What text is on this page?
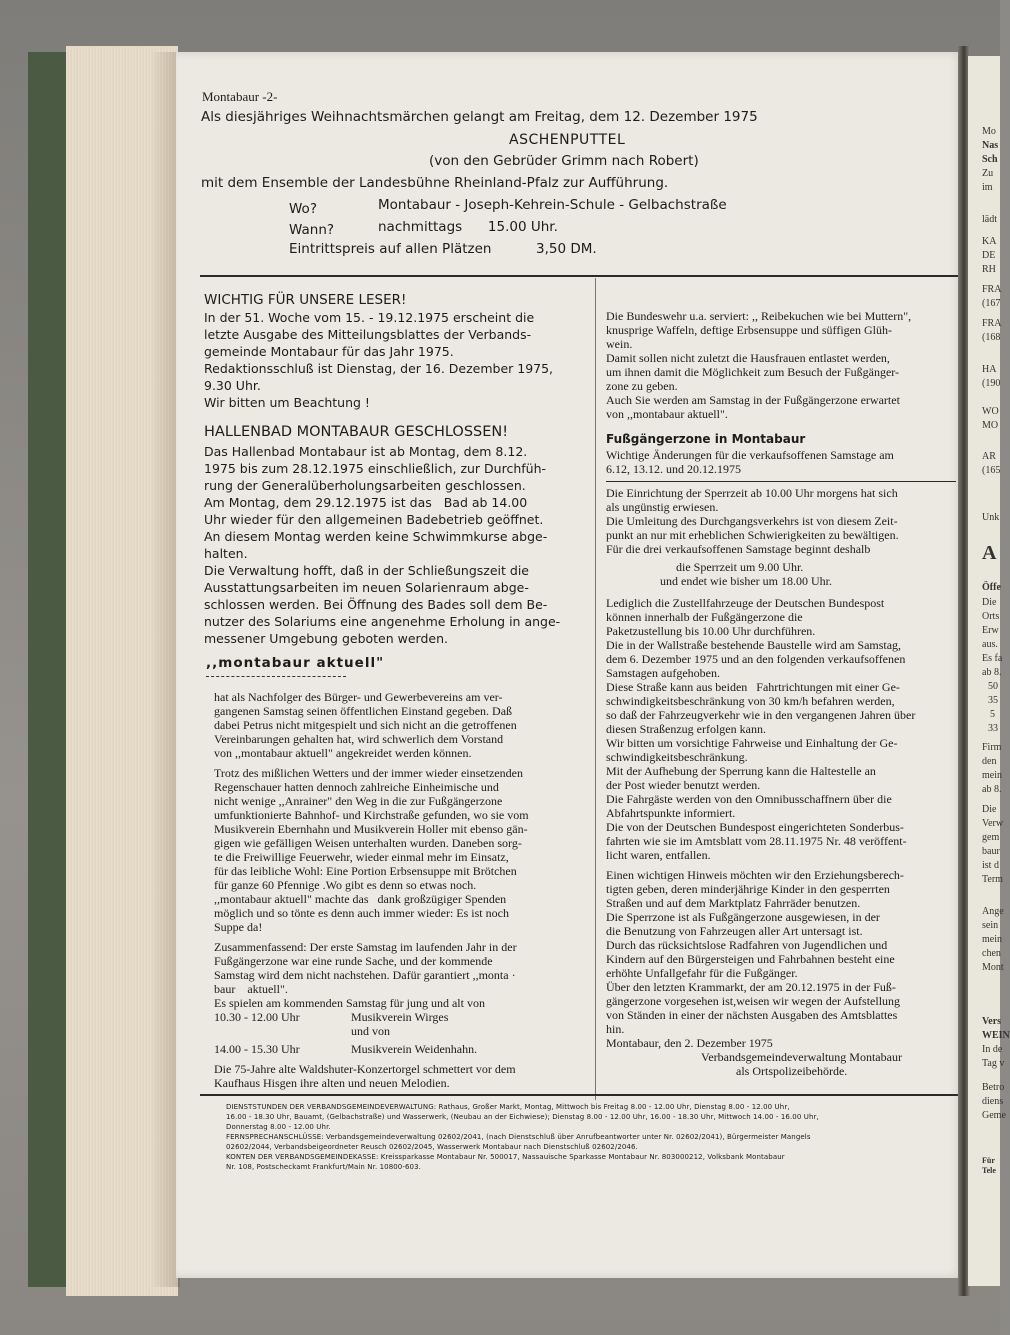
Montabaur -2-
Als diesjähriges Weihnachtsmärchen gelangt am Freitag, dem 12. Dezember 1975
ASCHENPUTTEL
(von den Gebrüder Grimm nach Robert)
mit dem Ensemble der Landesbühne Rheinland-Pfalz zur Aufführung.
Wo?	Montabaur - Joseph-Kehrein-Schule - Gelbachstraße
Wann?	nachmittags      15.00 Uhr.
Eintrittspreis auf allen Plätzen	3,50 DM.
WICHTIG FÜR UNSERE LESER!
In der 51. Woche vom 15. - 19.12.1975 erscheint die
letzte Ausgabe des Mitteilungsblattes der Verbands-
gemeinde Montabaur für das Jahr 1975.
Redaktionsschluß ist Dienstag, der 16. Dezember 1975,
9.30 Uhr.
Wir bitten um Beachtung !
HALLENBAD MONTABAUR GESCHLOSSEN!
Das Hallenbad Montabaur ist ab Montag, dem 8.12.
1975 bis zum 28.12.1975 einschließlich, zur Durchfüh-
rung der Generalüberholungsarbeiten geschlossen.
Am Montag, dem 29.12.1975 ist das   Bad ab 14.00
Uhr wieder für den allgemeinen Badebetrieb geöffnet.
An diesem Montag werden keine Schwimmkurse abge-
halten.
Die Verwaltung hofft, daß in der Schließungszeit die
Ausstattungsarbeiten im neuen Solarienraum abge-
schlossen werden. Bei Öffnung des Bades soll dem Be-
nutzer des Solariums eine angenehme Erholung in ange-
messener Umgebung geboten werden.
,,montabaur aktuell"
hat als Nachfolger des Bürger- und Gewerbevereins am ver-
gangenen Samstag seinen öffentlichen Einstand gegeben. Daß
dabei Petrus nicht mitgespielt und sich nicht an die getroffenen
Vereinbarungen gehalten hat, wird schwerlich dem Vorstand
von ,,montabaur aktuell" angekreidet werden können.
Trotz des mißlichen Wetters und der immer wieder einsetzenden
Regenschauer hatten dennoch zahlreiche Einheimische und
nicht wenige ,,Anrainer" den Weg in die zur Fußgängerzone
umfunktionierte Bahnhof- und Kirchstraße gefunden, wo sie vom
Musikverein Ebernhahn und Musikverein Holler mit ebenso gän-
gigen wie gefälligen Weisen unterhalten wurden. Daneben sorg-
te die Freiwillige Feuerwehr, wieder einmal mehr im Einsatz,
für das leibliche Wohl: Eine Portion Erbsensuppe mit Brötchen
für ganze 60 Pfennige .Wo gibt es denn so etwas noch.
,,montabaur aktuell" machte das   dank großzügiger Spenden
möglich und so tönte es denn auch immer wieder: Es ist noch
Suppe da!
Zusammenfassend: Der erste Samstag im laufenden Jahr in der
Fußgängerzone war eine runde Sache, und der kommende
Samstag wird dem nicht nachstehen. Dafür garantiert ,,monta ·
baur    aktuell".
Es spielen am kommenden Samstag für jung und alt von
10.30 - 12.00 Uhr	Musikverein Wirges
und von
14.00 - 15.30 Uhr	Musikverein Weidenhahn.
Die 75-Jahre alte Waldshuter-Konzertorgel schmettert vor dem
Kaufhaus Hisgen ihre alten und neuen Melodien.
Die Bundeswehr u.a. serviert: ,, Reibekuchen wie bei Muttern",
knusprige Waffeln, deftige Erbsensuppe und süffigen Glüh-
wein.
Damit sollen nicht zuletzt die Hausfrauen entlastet werden,
um ihnen damit die Möglichkeit zum Besuch der Fußgänger-
zone zu geben.
Auch Sie werden am Samstag in der Fußgängerzone erwartet
von ,,montabaur aktuell".
Fußgängerzone in Montabaur
Wichtige Änderungen für die verkaufsoffenen Samstage am
6.12, 13.12. und 20.12.1975
Die Einrichtung der Sperrzeit ab 10.00 Uhr morgens hat sich
als ungünstig erwiesen.
Die Umleitung des Durchgangsverkehrs ist von diesem Zeit-
punkt an nur mit erheblichen Schwierigkeiten zu bewältigen.
Für die drei verkaufsoffenen Samstage beginnt deshalb
die Sperrzeit um 9.00 Uhr.
und endet wie bisher um 18.00 Uhr.
Lediglich die Zustellfahrzeuge der Deutschen Bundespost
können innerhalb der Fußgängerzone die
Paketzustellung bis 10.00 Uhr durchführen.
Die in der Wallstraße bestehende Baustelle wird am Samstag,
dem 6. Dezember 1975 und an den folgenden verkaufsoffenen
Samstagen aufgehoben.
Diese Straße kann aus beiden   Fahrtrichtungen mit einer Ge-
schwindigkeitsbeschränkung von 30 km/h befahren werden,
so daß der Fahrzeugverkehr wie in den vergangenen Jahren über
diesen Straßenzug erfolgen kann.
Wir bitten um vorsichtige Fahrweise und Einhaltung der Ge-
schwindigkeitsbeschränkung.
Mit der Aufhebung der Sperrung kann die Haltestelle an
der Post wieder benutzt werden.
Die Fahrgäste werden von den Omnibusschaffnern über die
Abfahrtspunkte informiert.
Die von der Deutschen Bundespost eingerichteten Sonderbus-
fahrten wie sie im Amtsblatt vom 28.11.1975 Nr. 48 veröffent-
licht waren, entfallen.
Einen wichtigen Hinweis möchten wir den Erziehungsberech-
tigten geben, deren minderjährige Kinder in den gesperrten
Straßen und auf dem Marktplatz Fahrräder benutzen.
Die Sperrzone ist als Fußgängerzone ausgewiesen, in der
die Benutzung von Fahrzeugen aller Art untersagt ist.
Durch das rücksichtslose Radfahren von Jugendlichen und
Kindern auf den Bürgersteigen und Fahrbahnen besteht eine
erhöhte Unfallgefahr für die Fußgänger.
Über den letzten Krammarkt, der am 20.12.1975 in der Fuß-
gängerzone vorgesehen ist,weisen wir wegen der Aufstellung
von Ständen in einer der nächsten Ausgaben des Amtsblattes
hin.
Montabaur, den 2. Dezember 1975
Verbandsgemeindeverwaltung Montabaur
als Ortspolizeibehörde.
DIENSTSTUNDEN DER VERBANDSGEMEINDEVERWALTUNG: Rathaus, Großer Markt, Montag, Mittwoch bis Freitag 8.00 - 12.00 Uhr, Dienstag 8.00 - 12.00 Uhr,
16.00 - 18.30 Uhr, Bauamt, (Gelbachstraße) und Wasserwerk, (Neubau an der Eichwiese); Dienstag 8.00 - 12.00 Uhr, 16.00 - 18.30 Uhr, Mittwoch 14.00 - 16.00 Uhr,
Donnerstag 8.00 - 12.00 Uhr.
FERNSPRECHANSCHLÜSSE: Verbandsgemeindeverwaltung 02602/2041, (nach Dienstschluß über Anrufbeantworter unter Nr. 02602/2041), Bürgermeister Mangels
02602/2044, Verbandsbeigeordneter Reusch 02602/2045, Wasserwerk Montabaur nach Dienstschluß 02602/2046.
KONTEN DER VERBANDSGEMEINDEKASSE: Kreissparkasse Montabaur Nr. 500017, Nassauische Sparkasse Montabaur Nr. 803000212, Volksbank Montabaur
Nr. 108, Postscheckamt Frankfurt/Main Nr. 10800-603.
Mo
Nas
Sch
Zu
im
lädt
KA
DE
RH
FRA
(167
FRA
(168
HA
(190
WO
MO
AR
(165
Unk
A
Öffe
Die
Orts
Erw
aus.
Es fa
ab 8.
50
35
5
33
Firm
den
mein
ab 8.
Die
Verw
gem
baur
ist d
Term
Ange
sein
mein
chen
Mont
Vers
WEIN
In de
Tag v
Betro
diens
Geme
Für
Tele
